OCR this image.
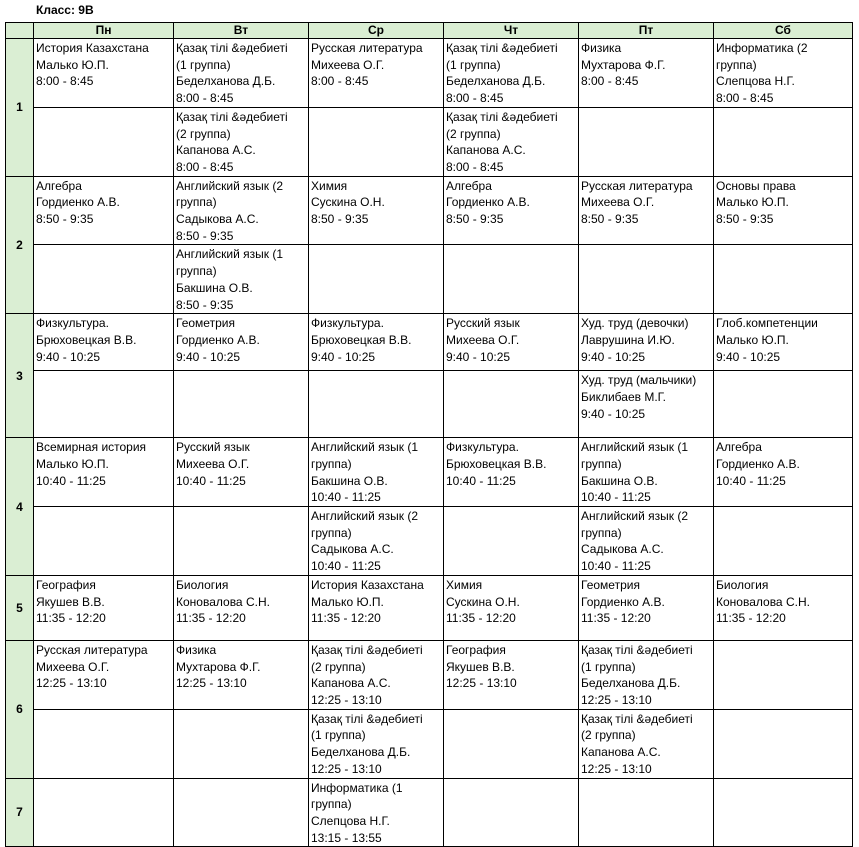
Класс: 9В
	Пн	Вт	Ср	Чт	Пт	Сб
1	История Казахстана
Малько Ю.П.
8:00 - 8:45	Қазақ тілі &әдебиеті
(1 группа)
Беделханова Д.Б.
8:00 - 8:45	Русская литература
Михеева О.Г.
8:00 - 8:45	Қазақ тілі &әдебиеті
(1 группа)
Беделханова Д.Б.
8:00 - 8:45	Физика
Мухтарова Ф.Г.
8:00 - 8:45	Информатика (2
группа)
Слепцова Н.Г.
8:00 - 8:45

		Қазақ тілі &әдебиеті
(2 группа)
Капанова А.С.
8:00 - 8:45		Қазақ тілі &әдебиеті
(2 группа)
Капанова А.С.
8:00 - 8:45		

2	Алгебра
Гордиенко А.В.
8:50 - 9:35	Английский язык (2
группа)
Садыкова А.С.
8:50 - 9:35	Химия
Сускина О.Н.
8:50 - 9:35	Алгебра
Гордиенко А.В.
8:50 - 9:35	Русская литература
Михеева О.Г.
8:50 - 9:35	Основы права
Малько Ю.П.
8:50 - 9:35

		Английский язык (1
группа)
Бакшина О.В.
8:50 - 9:35				

3	Физкультура.
Брюховецкая В.В.
9:40 - 10:25	Геометрия
Гордиенко А.В.
9:40 - 10:25	Физкультура.
Брюховецкая В.В.
9:40 - 10:25	Русский язык
Михеева О.Г.
9:40 - 10:25	Худ. труд (девочки)
Лаврушина И.Ю.
9:40 - 10:25	Глоб.компетенции
Малько Ю.П.
9:40 - 10:25

					Худ. труд (мальчики)
Биклибаев М.Г.
9:40 - 10:25	

4	Всемирная история
Малько Ю.П.
10:40 - 11:25	Русский язык
Михеева О.Г.
10:40 - 11:25	Английский язык (1
группа)
Бакшина О.В.
10:40 - 11:25	Физкультура.
Брюховецкая В.В.
10:40 - 11:25	Английский язык (1
группа)
Бакшина О.В.
10:40 - 11:25	Алгебра
Гордиенко А.В.
10:40 - 11:25

			Английский язык (2
группа)
Садыкова А.С.
10:40 - 11:25		Английский язык (2
группа)
Садыкова А.С.
10:40 - 11:25	

5	География
Якушев В.В.
11:35 - 12:20	Биология
Коновалова С.Н.
11:35 - 12:20	История Казахстана
Малько Ю.П.
11:35 - 12:20	Химия
Сускина О.Н.
11:35 - 12:20	Геометрия
Гордиенко А.В.
11:35 - 12:20	Биология
Коновалова С.Н.
11:35 - 12:20

6	Русская литература
Михеева О.Г.
12:25 - 13:10	Физика
Мухтарова Ф.Г.
12:25 - 13:10	Қазақ тілі &әдебиеті
(2 группа)
Капанова А.С.
12:25 - 13:10	География
Якушев В.В.
12:25 - 13:10	Қазақ тілі &әдебиеті
(1 группа)
Беделханова Д.Б.
12:25 - 13:10	

			Қазақ тілі &әдебиеті
(1 группа)
Беделханова Д.Б.
12:25 - 13:10		Қазақ тілі &әдебиеті
(2 группа)
Капанова А.С.
12:25 - 13:10	

7			Информатика (1
группа)
Слепцова Н.Г.
13:15 - 13:55			
